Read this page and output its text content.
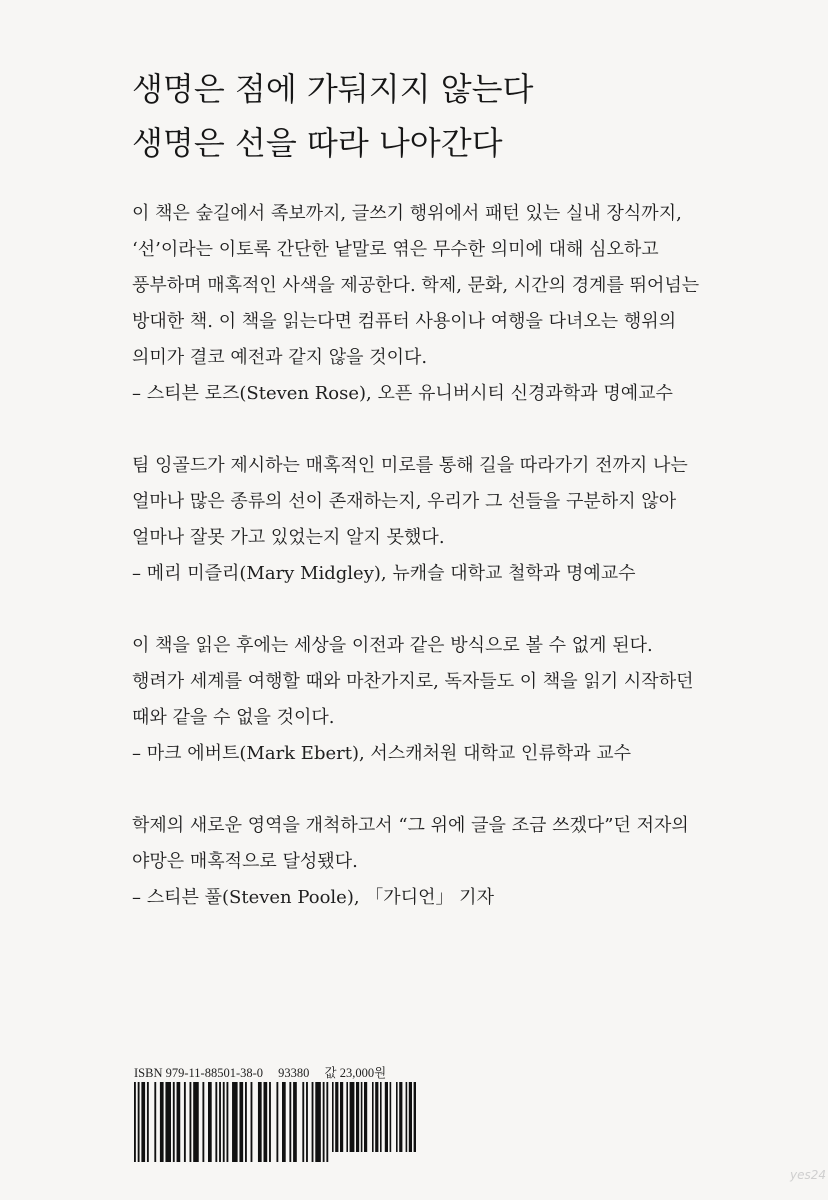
생명은 점에 가둬지지 않는다
생명은 선을 따라 나아간다
이 책은 숲길에서 족보까지, 글쓰기 행위에서 패턴 있는 실내 장식까지,
‘선’이라는 이토록 간단한 낱말로 엮은 무수한 의미에 대해 심오하고
풍부하며 매혹적인 사색을 제공한다. 학제, 문화, 시간의 경계를 뛰어넘는
방대한 책. 이 책을 읽는다면 컴퓨터 사용이나 여행을 다녀오는 행위의
의미가 결코 예전과 같지 않을 것이다.
– 스티븐 로즈(Steven Rose), 오픈 유니버시티 신경과학과 명예교수
팀 잉골드가 제시하는 매혹적인 미로를 통해 길을 따라가기 전까지 나는
얼마나 많은 종류의 선이 존재하는지, 우리가 그 선들을 구분하지 않아
얼마나 잘못 가고 있었는지 알지 못했다.
– 메리 미즐리(Mary Midgley), 뉴캐슬 대학교 철학과 명예교수
이 책을 읽은 후에는 세상을 이전과 같은 방식으로 볼 수 없게 된다.
행려가 세계를 여행할 때와 마찬가지로, 독자들도 이 책을 읽기 시작하던
때와 같을 수 없을 것이다.
– 마크 에버트(Mark Ebert), 서스캐처원 대학교 인류학과 교수
학제의 새로운 영역을 개척하고서 “그 위에 글을 조금 쓰겠다”던 저자의
야망은 매혹적으로 달성됐다.
– 스티븐 풀(Steven Poole), 「가디언」 기자
ISBN 979-11-88501-38-0 93380 값 23,000원
yes24
